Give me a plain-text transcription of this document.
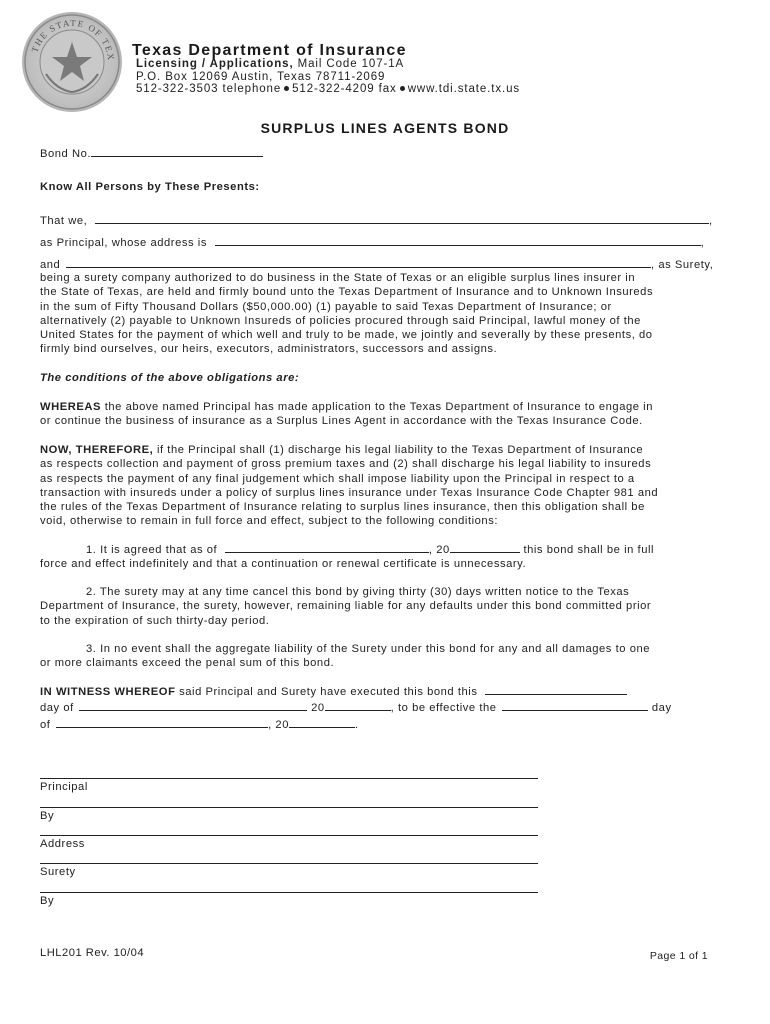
THE STATE OF TEX Texas Department of Insurance
Licensing / Applications, Mail Code 107-1A
P.O. Box 12069 Austin, Texas 78711-2069
512-322-3503 telephone 512-322-4209 fax www.tdi.state.tx.us
SURPLUS LINES AGENTS BOND
Bond No.
Know All Persons by These Presents:
That we,	,
as Principal, whose address is	,
and	, as Surety,
being a surety company authorized to do business in the State of Texas or an eligible surplus lines insurer in
the State of Texas, are held and firmly bound unto the Texas Department of Insurance and to Unknown Insureds
in the sum of Fifty Thousand Dollars ($50,000.00) (1) payable to said Texas Department of Insurance; or
alternatively (2) payable to Unknown Insureds of policies procured through said Principal, lawful money of the
United States for the payment of which well and truly to be made, we jointly and severally by these presents, do
firmly bind ourselves, our heirs, executors, administrators, successors and assigns.
The conditions of the above obligations are:
WHEREAS the above named Principal has made application to the Texas Department of Insurance to engage in
or continue the business of insurance as a Surplus Lines Agent in accordance with the Texas Insurance Code.
NOW, THEREFORE, if the Principal shall (1) discharge his legal liability to the Texas Department of Insurance
as respects collection and payment of gross premium taxes and (2) shall discharge his legal liability to insureds
as respects the payment of any final judgement which shall impose liability upon the Principal in respect to a
transaction with insureds under a policy of surplus lines insurance under Texas Insurance Code Chapter 981 and
the rules of the Texas Department of Insurance relating to surplus lines insurance, then this obligation shall be
void, otherwise to remain in full force and effect, subject to the following conditions:
1. It is agreed that as of	, 20	this bond shall be in full
force and effect indefinitely and that a continuation or renewal certificate is unnecessary.
2. The surety may at any time cancel this bond by giving thirty (30) days written notice to the Texas
Department of Insurance, the surety, however, remaining liable for any defaults under this bond committed prior
to the expiration of such thirty-day period.
3. In no event shall the aggregate liability of the Surety under this bond for any and all damages to one
or more claimants exceed the penal sum of this bond.
IN WITNESS WHEREOF said Principal and Surety have executed this bond this
day of	20	, to be effective the	day
of	, 20	.
Principal
By
Address
Surety
By
LHL201 Rev. 10/04	Page 1 of 1
